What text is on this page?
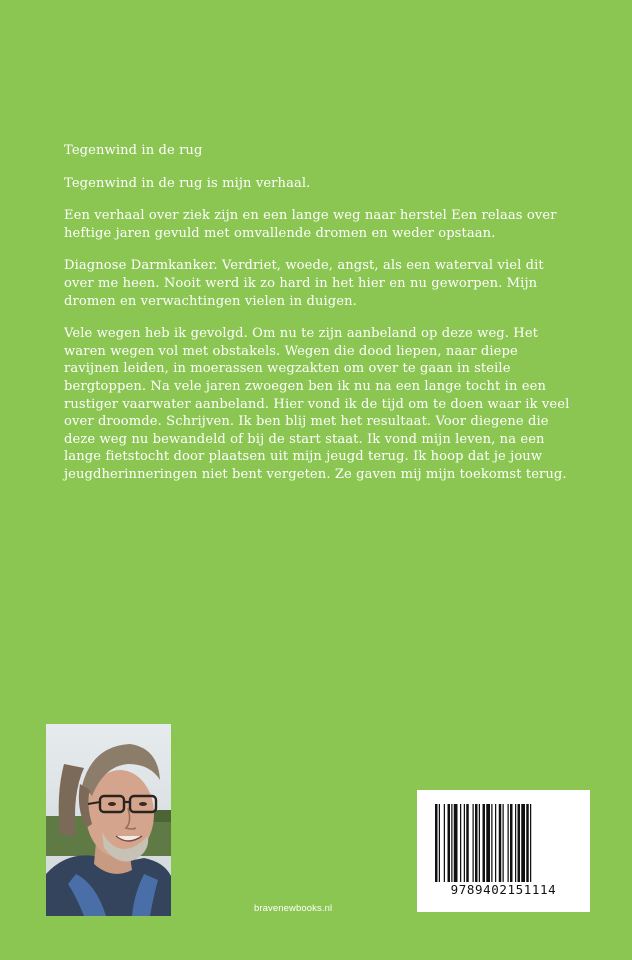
Tegenwind in de rug

Tegenwind in de rug is mijn verhaal.

Een verhaal over ziek zijn en een lange weg naar herstel Een relaas over heftige jaren gevuld met omvallende dromen en weder opstaan.

Diagnose Darmkanker. Verdriet, woede, angst, als een waterval viel dit over me heen. Nooit werd ik zo hard in het hier en nu geworpen. Mijn dromen en verwachtingen vielen in duigen.

Vele wegen heb ik gevolgd. Om nu te zijn aanbeland op deze weg. Het waren wegen vol met obstakels. Wegen die dood liepen, naar diepe ravijnen leiden, in moerassen wegzakten om over te gaan in steile bergtoppen. Na vele jaren zwoegen ben ik nu na een lange tocht in een rustiger vaarwater aanbeland. Hier vond ik de tijd om te doen waar ik veel over droomde. Schrijven. Ik ben blij met het resultaat. Voor diegene die deze weg nu bewandeld of bij de start staat. Ik vond mijn leven, na een lange fietstocht door plaatsen uit mijn jeugd terug. Ik hoop dat je jouw jeugdherinneringen niet bent vergeten. Ze gaven mij mijn toekomst terug.

bravenewbooks.nl
9789402151114
